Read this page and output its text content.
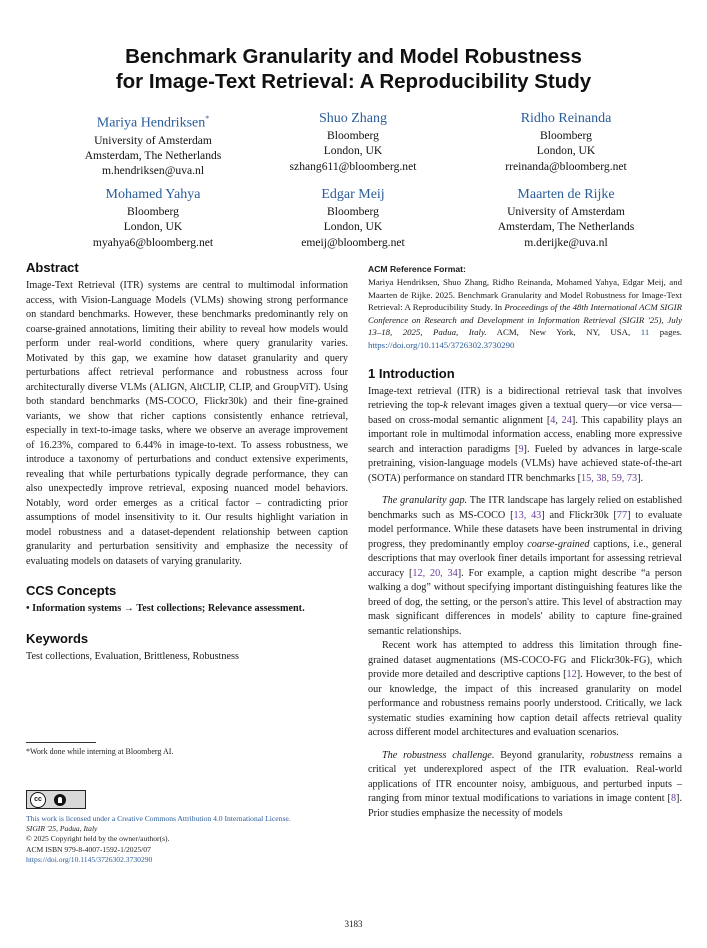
Benchmark Granularity and Model Robustness
for Image-Text Retrieval: A Reproducibility Study
Mariya Hendriksen*
University of Amsterdam
Amsterdam, The Netherlands
m.hendriksen@uva.nl
Shuo Zhang
Bloomberg
London, UK
szhang611@bloomberg.net
Ridho Reinanda
Bloomberg
London, UK
rreinanda@bloomberg.net
Mohamed Yahya
Bloomberg
London, UK
myahya6@bloomberg.net
Edgar Meij
Bloomberg
London, UK
emeij@bloomberg.net
Maarten de Rijke
University of Amsterdam
Amsterdam, The Netherlands
m.derijke@uva.nl
Abstract

Image-Text Retrieval (ITR) systems are central to multimodal information access, with Vision-Language Models (VLMs) showing strong performance on standard benchmarks. However, these benchmarks predominantly rely on coarse-grained annotations, limiting their ability to reveal how models would perform under real-world conditions, where query granularity varies. Motivated by this gap, we examine how dataset granularity and query perturbations affect retrieval performance and robustness across four architecturally diverse VLMs (ALIGN, AltCLIP, CLIP, and GroupViT). Using both standard benchmarks (MS-COCO, Flickr30k) and their fine-grained variants, we show that richer captions consistently enhance retrieval, especially in text-to-image tasks, where we observe an average improvement of 16.23%, compared to 6.44% in image-to-text. To assess robustness, we introduce a taxonomy of perturbations and conduct extensive experiments, revealing that while perturbations typically degrade performance, they can also unexpectedly improve retrieval, exposing nuanced model behaviors. Notably, word order emerges as a critical factor – contradicting prior assumptions of model insensitivity to it. Our results highlight variation in model robustness and a dataset-dependent relationship between caption granularity and perturbation sensitivity and emphasize the necessity of evaluating models on datasets of varying granularity.

CCS Concepts

• Information systems → Test collections; Relevance assessment.

Keywords

Test collections, Evaluation, Brittleness, Robustness

*Work done while interning at Bloomberg AI.
cc
This work is licensed under a Creative Commons Attribution 4.0 International License.
SIGIR '25, Padua, Italy
© 2025 Copyright held by the owner/author(s).
ACM ISBN 979-8-4007-1592-1/2025/07
https://doi.org/10.1145/3726302.3730290
ACM Reference Format:

Mariya Hendriksen, Shuo Zhang, Ridho Reinanda, Mohamed Yahya, Edgar Meij, and Maarten de Rijke. 2025. Benchmark Granularity and Model Robustness for Image-Text Retrieval: A Reproducibility Study. In Proceedings of the 48th International ACM SIGIR Conference on Research and Development in Information Retrieval (SIGIR '25), July 13–18, 2025, Padua, Italy. ACM, New York, NY, USA, 11 pages. https://doi.org/10.1145/3726302.3730290

1 Introduction

Image-text retrieval (ITR) is a bidirectional retrieval task that involves retrieving the top-k relevant images given a textual query—or vice versa—based on cross-modal semantic alignment [4, 24]. This capability plays an important role in multimodal information access, enabling more expressive search and interaction paradigms [9]. Fueled by advances in large-scale pretraining, vision-language models (VLMs) have achieved state-of-the-art (SOTA) performance on standard ITR benchmarks [15, 38, 59, 73].

The granularity gap. The ITR landscape has largely relied on established benchmarks such as MS-COCO [13, 43] and Flickr30k [77] to evaluate model performance. While these datasets have been instrumental in driving progress, they predominantly employ coarse-grained captions, i.e., general descriptions that may overlook finer details important for assessing retrieval accuracy [12, 20, 34]. For example, a caption might describe “a person walking a dog” without specifying important distinguishing features like the breed of dog, the setting, or the person's attire. This level of abstraction may mask significant differences in models' ability to capture fine-grained semantic relationships.

Recent work has attempted to address this limitation through fine-grained dataset augmentations (MS-COCO-FG and Flickr30k-FG), which provide more detailed and descriptive captions [12]. However, to the best of our knowledge, the impact of this increased granularity on model performance and robustness remains poorly understood. Critically, we lack systematic studies examining how caption detail affects retrieval quality across different model architectures and evaluation scenarios.

The robustness challenge. Beyond granularity, robustness remains a critical yet underexplored aspect of the ITR evaluation. Real-world applications of ITR encounter noisy, ambiguous, and perturbed inputs – ranging from minor textual modifications to variations in image content [8]. Prior studies emphasize the necessity of models

3183
